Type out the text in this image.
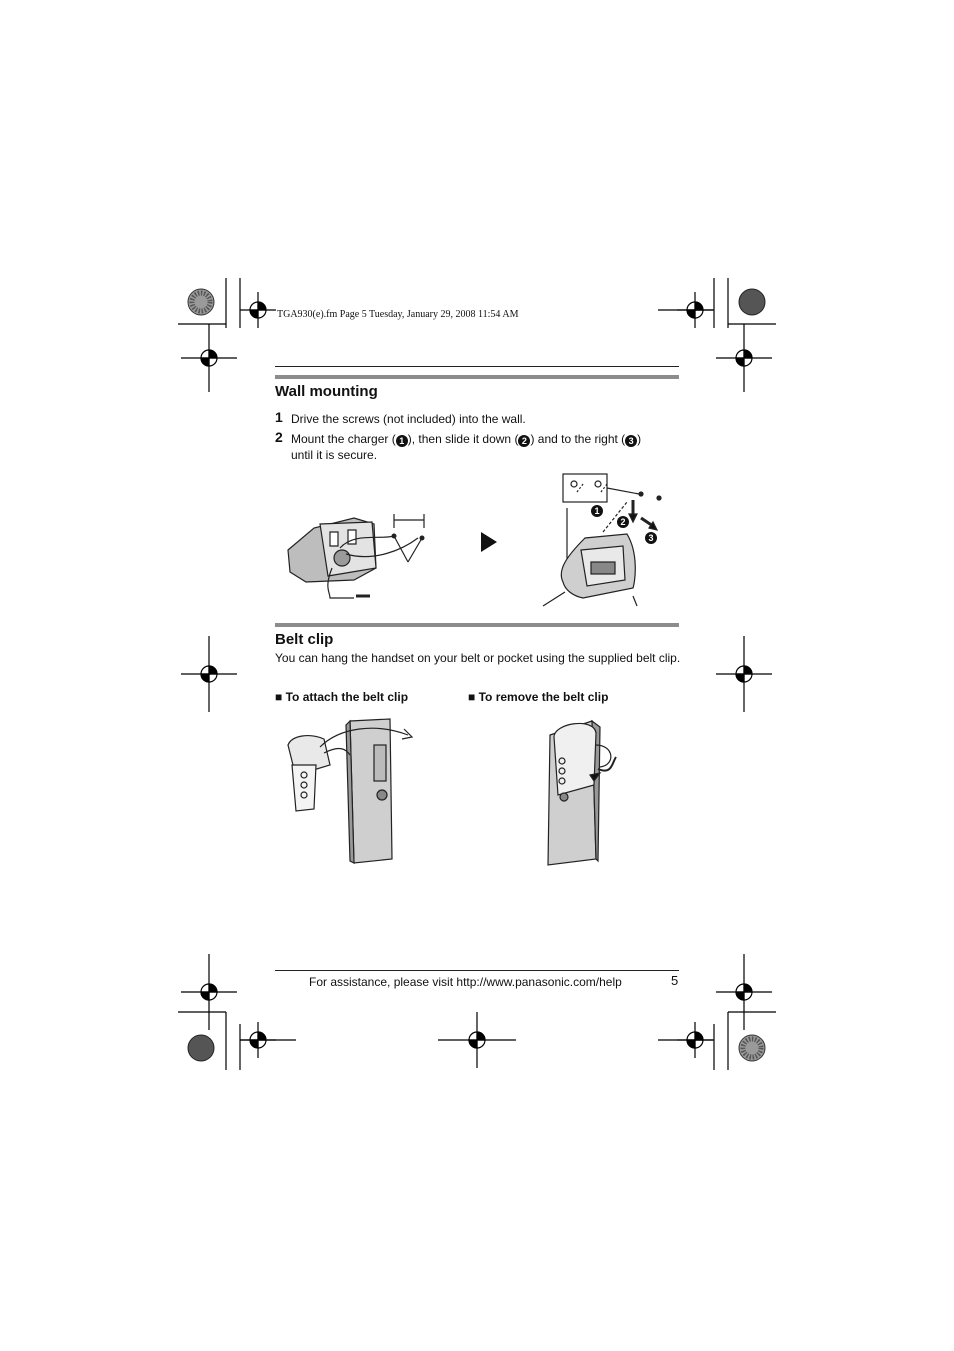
TGA930(e).fm Page 5 Tuesday, January 29, 2008 11:54 AM
Wall mounting
1 Drive the screws (not included) into the wall.
2 Mount the charger ( 1 ), then slide it down ( 2 ) and to the right ( 3 )
until it is secure.
1
2
3
Belt clip
You can hang the handset on your belt or pocket using the supplied belt clip.
■ To attach the belt clip	■ To remove the belt clip
For assistance, please visit http://www.panasonic.com/help	5
